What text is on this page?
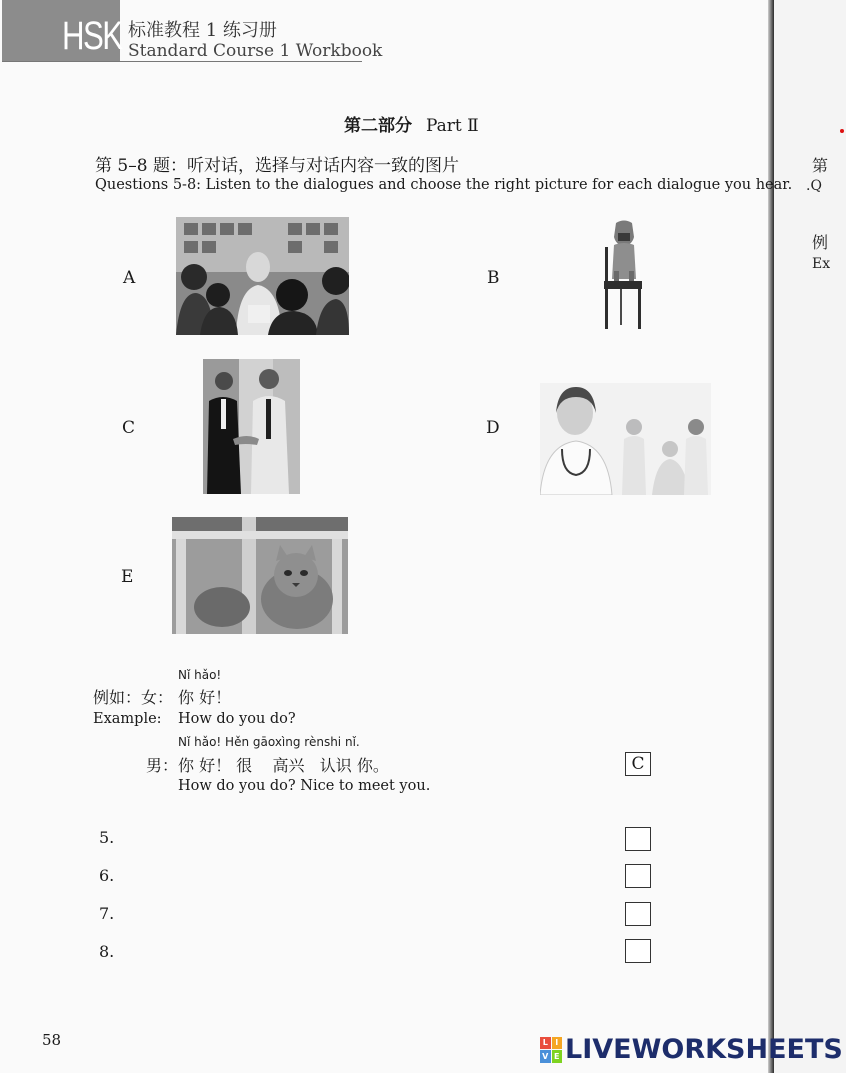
HSK 标准教程 1 练习册
Standard Course 1 Workbook
第二部分 Part Ⅱ
第 5–8 题：听对话，选择与对话内容一致的图片
Questions 5-8: Listen to the dialogues and choose the right picture for each dialogue you hear.
A	B
C	D
E
Nǐ hǎo!
例如：女： 你 好！
Example: How do you do?
Nǐ hǎo! Hěn gāoxìng rènshi nǐ.
男： 你 好！ 很    高兴   认识 你。
How do you do? Nice to meet you.
C
5.
6.
7.
8.
58
第
.Q
例
Ex
L I
V E LIVEWORKSHEETS
